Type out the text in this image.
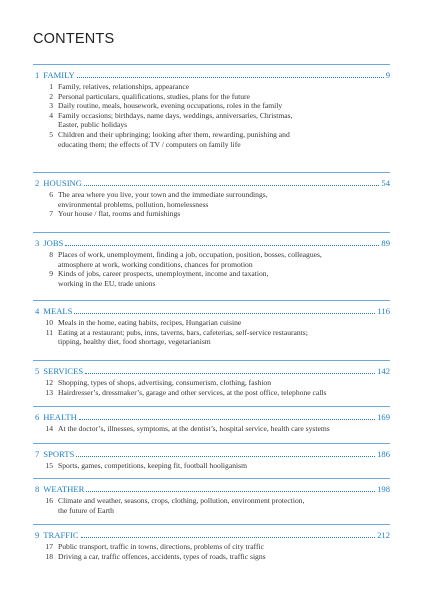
CONTENTS
1 FAMILY	9
1 Family, relatives, relationships, appearance
2 Personal particulars, qualifications, studies, plans for the future
3 Daily routine, meals, housework, evening occupations, roles in the family
4 Family occasions; birthdays, name days, weddings, anniversaries, Christmas,
Easter, public holidays
5 Children and their upbringing; looking after them, rewarding, punishing and
educating them; the effects of TV / computers on family life
2 HOUSING	54
6 The area where you live, your town and the immediate surroundings,
environmental problems, pollution, homelessness
7 Your house / flat, rooms and furnishings
3 JOBS	89
8 Places of work, unemployment, finding a job, occupation, position, bosses, colleagues,
atmosphere at work, working conditions, chances for promotion
9 Kinds of jobs, career prospects, unemployment, income and taxation,
working in the EU, trade unions
4 MEALS	116
10 Meals in the home, eating habits, recipes, Hungarian cuisine
11 Eating at a restaurant; pubs, inns, taverns, bars, cafeterias, self-service restaurants;
tipping, healthy diet, food shortage, vegetarianism
5 SERVICES	142
12 Shopping, types of shops, advertising, consumerism, clothing, fashion
13 Hairdresser’s, dressmaker’s, garage and other services, at the post office, telephone calls
6 HEALTH	169
14 At the doctor’s, illnesses, symptoms, at the dentist’s, hospital service, health care systems
7 SPORTS	186
15 Sports, games, competitions, keeping fit, football hooliganism
8 WEATHER	198
16 Climate and weather, seasons, crops, clothing, pollution, environment protection,
the future of Earth
9 TRAFFIC	212
17 Public transport, traffic in towns, directions, problems of city traffic
18 Driving a car, traffic offences, accidents, types of roads, traffic signs
